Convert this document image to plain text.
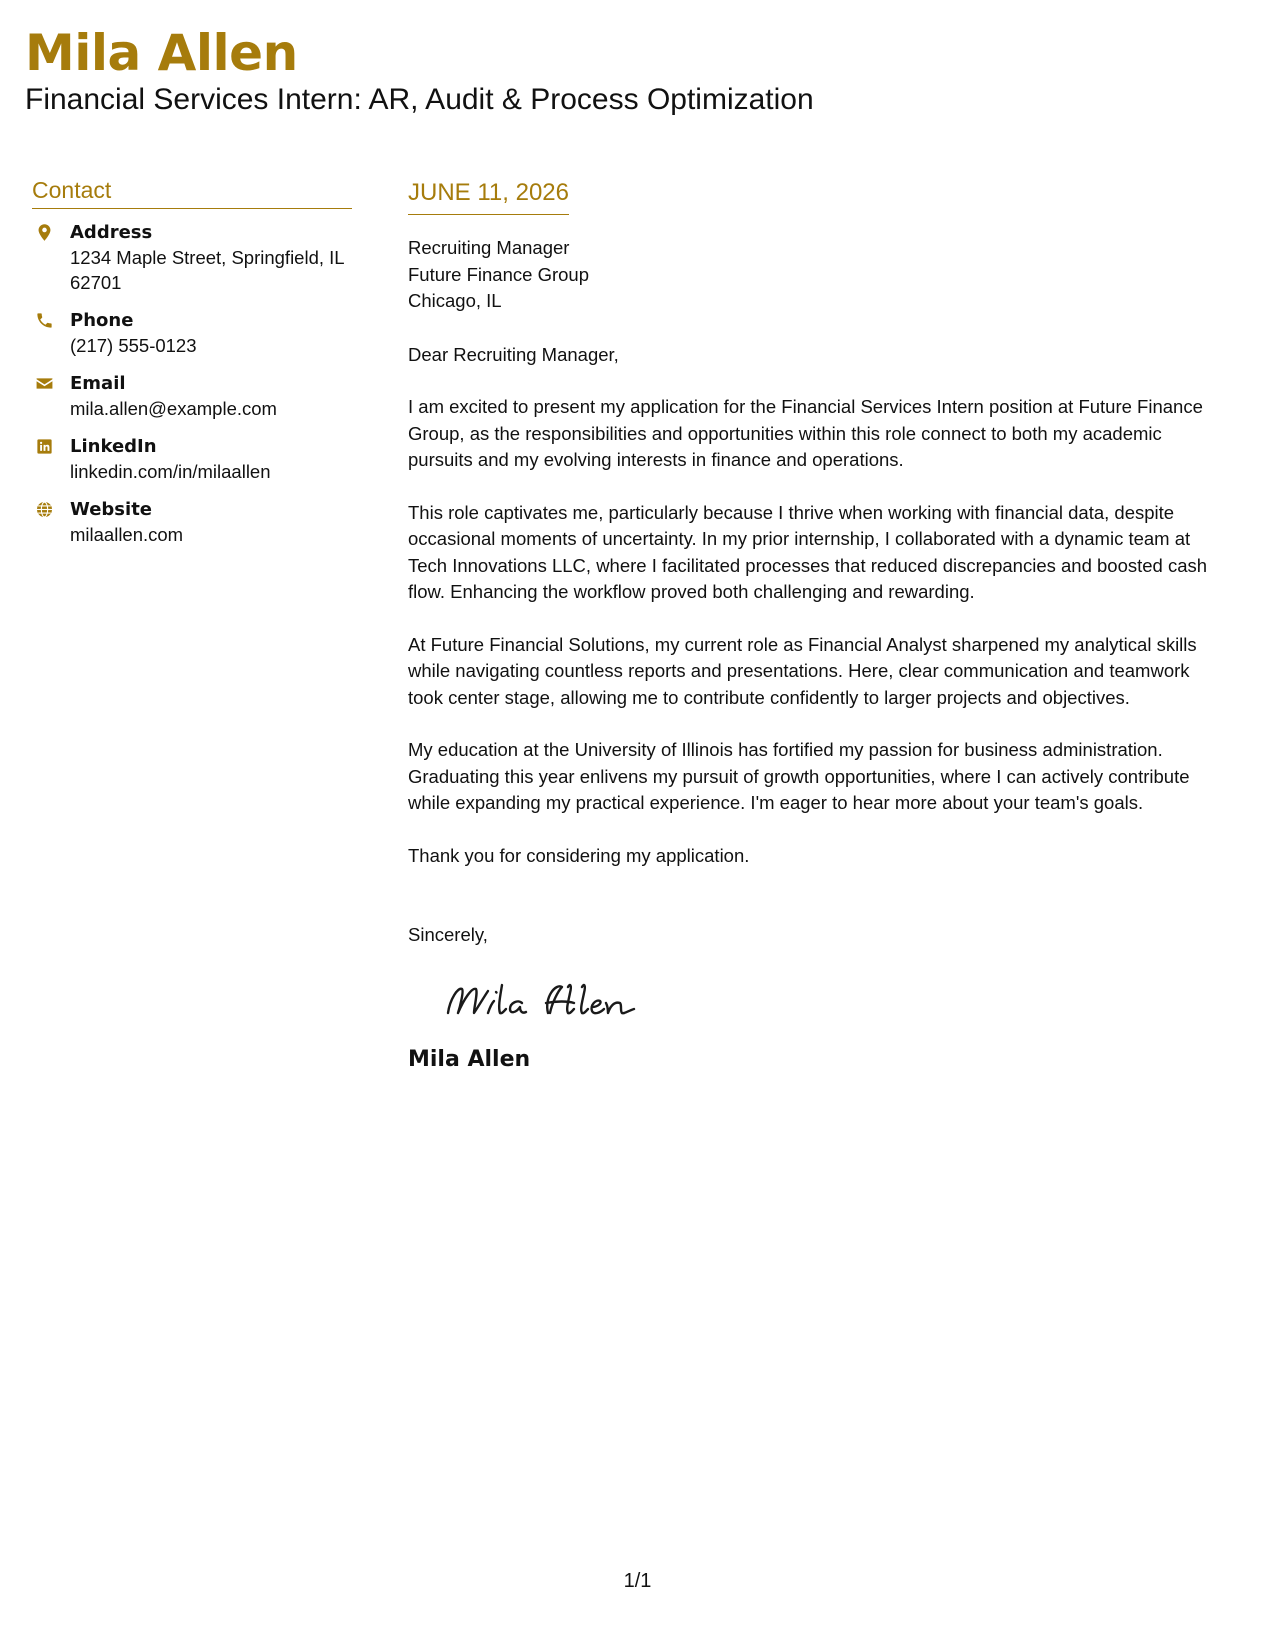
Mila Allen
Financial Services Intern: AR, Audit & Process Optimization
Contact
Address
1234 Maple Street, Springfield, IL 62701
Phone
(217) 555-0123
Email
mila.allen@example.com
LinkedIn
linkedin.com/in/milaallen
Website
milaallen.com
JUNE 11, 2026
Recruiting Manager
Future Finance Group
Chicago, IL
Dear Recruiting Manager,

I am excited to present my application for the Financial Services Intern position at Future Finance Group, as the responsibilities and opportunities within this role connect to both my academic pursuits and my evolving interests in finance and operations.

This role captivates me, particularly because I thrive when working with financial data, despite occasional moments of uncertainty. In my prior internship, I collaborated with a dynamic team at Tech Innovations LLC, where I facilitated processes that reduced discrepancies and boosted cash flow. Enhancing the workflow proved both challenging and rewarding.

At Future Financial Solutions, my current role as Financial Analyst sharpened my analytical skills while navigating countless reports and presentations. Here, clear communication and teamwork took center stage, allowing me to contribute confidently to larger projects and objectives.

My education at the University of Illinois has fortified my passion for business administration. Graduating this year enlivens my pursuit of growth opportunities, where I can actively contribute while expanding my practical experience. I'm eager to hear more about your team's goals.

Thank you for considering my application.

Sincerely,
Mila Allen
1/1
